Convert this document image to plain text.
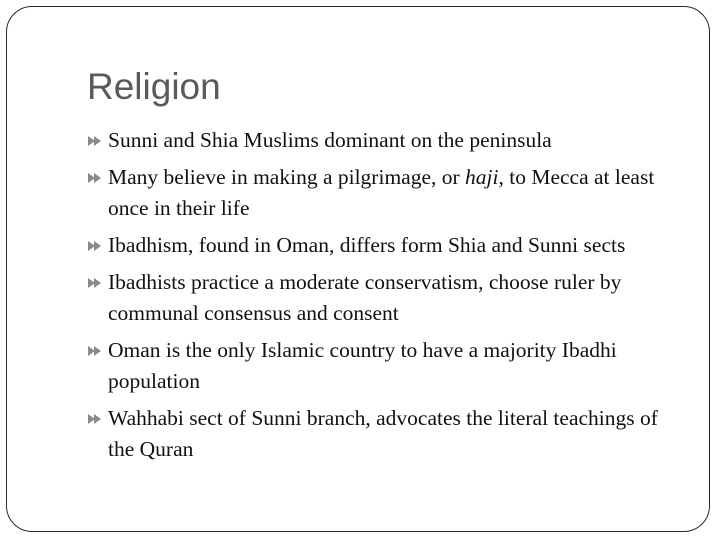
Religion
Sunni and Shia Muslims dominant on the peninsula
Many believe in making a pilgrimage, or haji, to Mecca at least once in their life
Ibadhism, found in Oman, differs form Shia and Sunni sects
Ibadhists practice a moderate conservatism, choose ruler by communal consensus and consent
Oman is the only Islamic country to have a majority Ibadhi population
Wahhabi sect of Sunni branch, advocates the literal teachings of the Quran
